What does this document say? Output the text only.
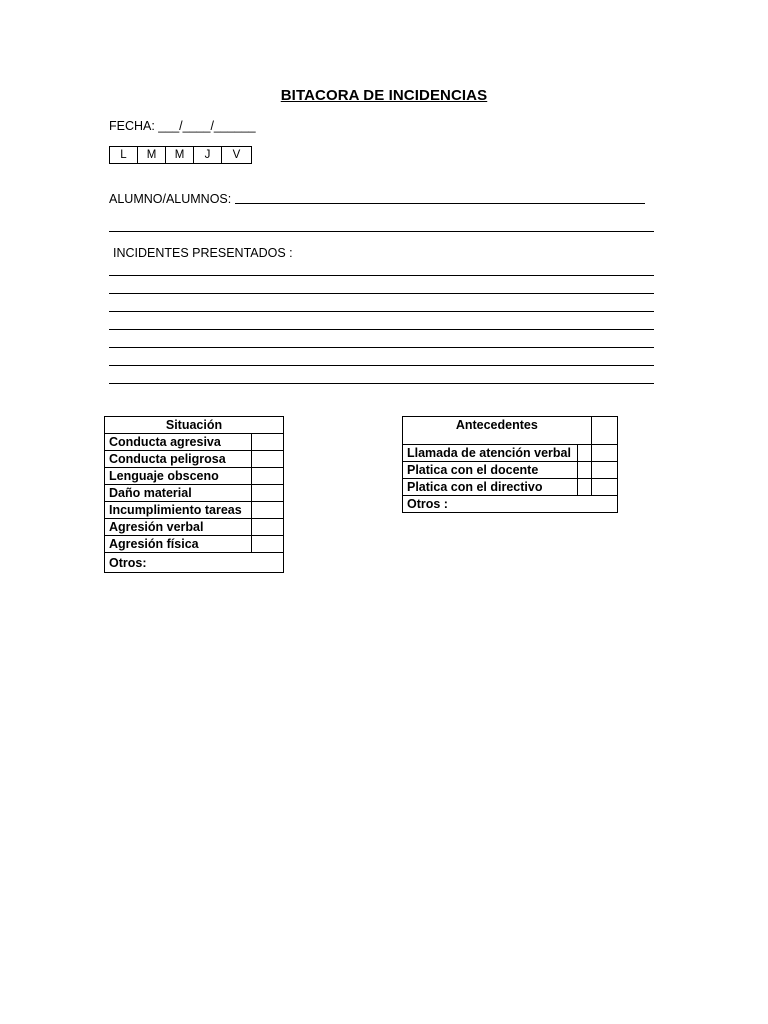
BITACORA DE INCIDENCIAS
FECHA: ___/____/______
L	M	M	J	V
ALUMNO/ALUMNOS:
INCIDENTES PRESENTADOS :
Situación	
Conducta agresiva	
Conducta peligrosa	
Lenguaje obsceno	
Daño material	
Incumplimiento tareas	
Agresión verbal	
Agresión física	
Otros:	
Antecedentes		
Llamada de atención verbal		
Platica con el docente		
Platica con el directivo		
Otros :		
